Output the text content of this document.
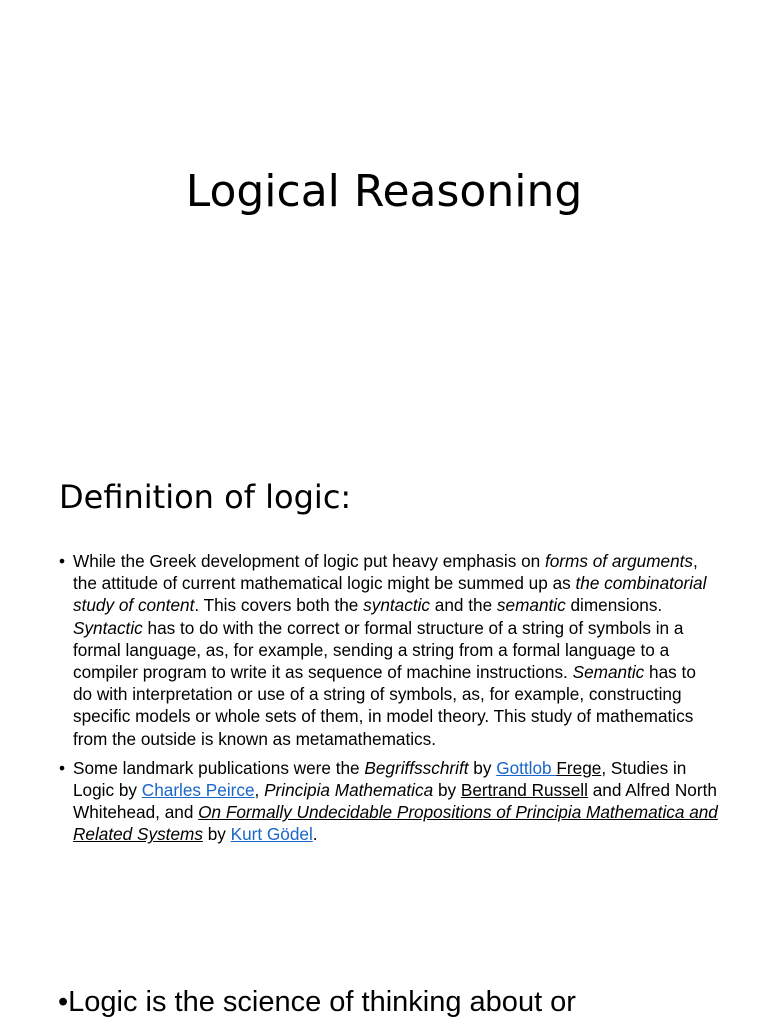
Logical Reasoning
Definition of logic:
• While the Greek development of logic put heavy emphasis on forms of arguments, the attitude of current mathematical logic might be summed up as the combinatorial study of content. This covers both the syntactic and the semantic dimensions. Syntactic has to do with the correct or formal structure of a string of symbols in a formal language, as, for example, sending a string from a formal language to a compiler program to write it as sequence of machine instructions. Semantic has to do with interpretation or use of a string of symbols, as, for example, constructing specific models or whole sets of them, in model theory. This study of mathematics from the outside is known as metamathematics.
• Some landmark publications were the Begriffsschrift by Gottlob Frege, Studies in Logic by Charles Peirce, Principia Mathematica by Bertrand Russell and Alfred North Whitehead, and On Formally Undecidable Propositions of Principia Mathematica and Related Systems by Kurt Gödel.
•Logic is the science of thinking about or
